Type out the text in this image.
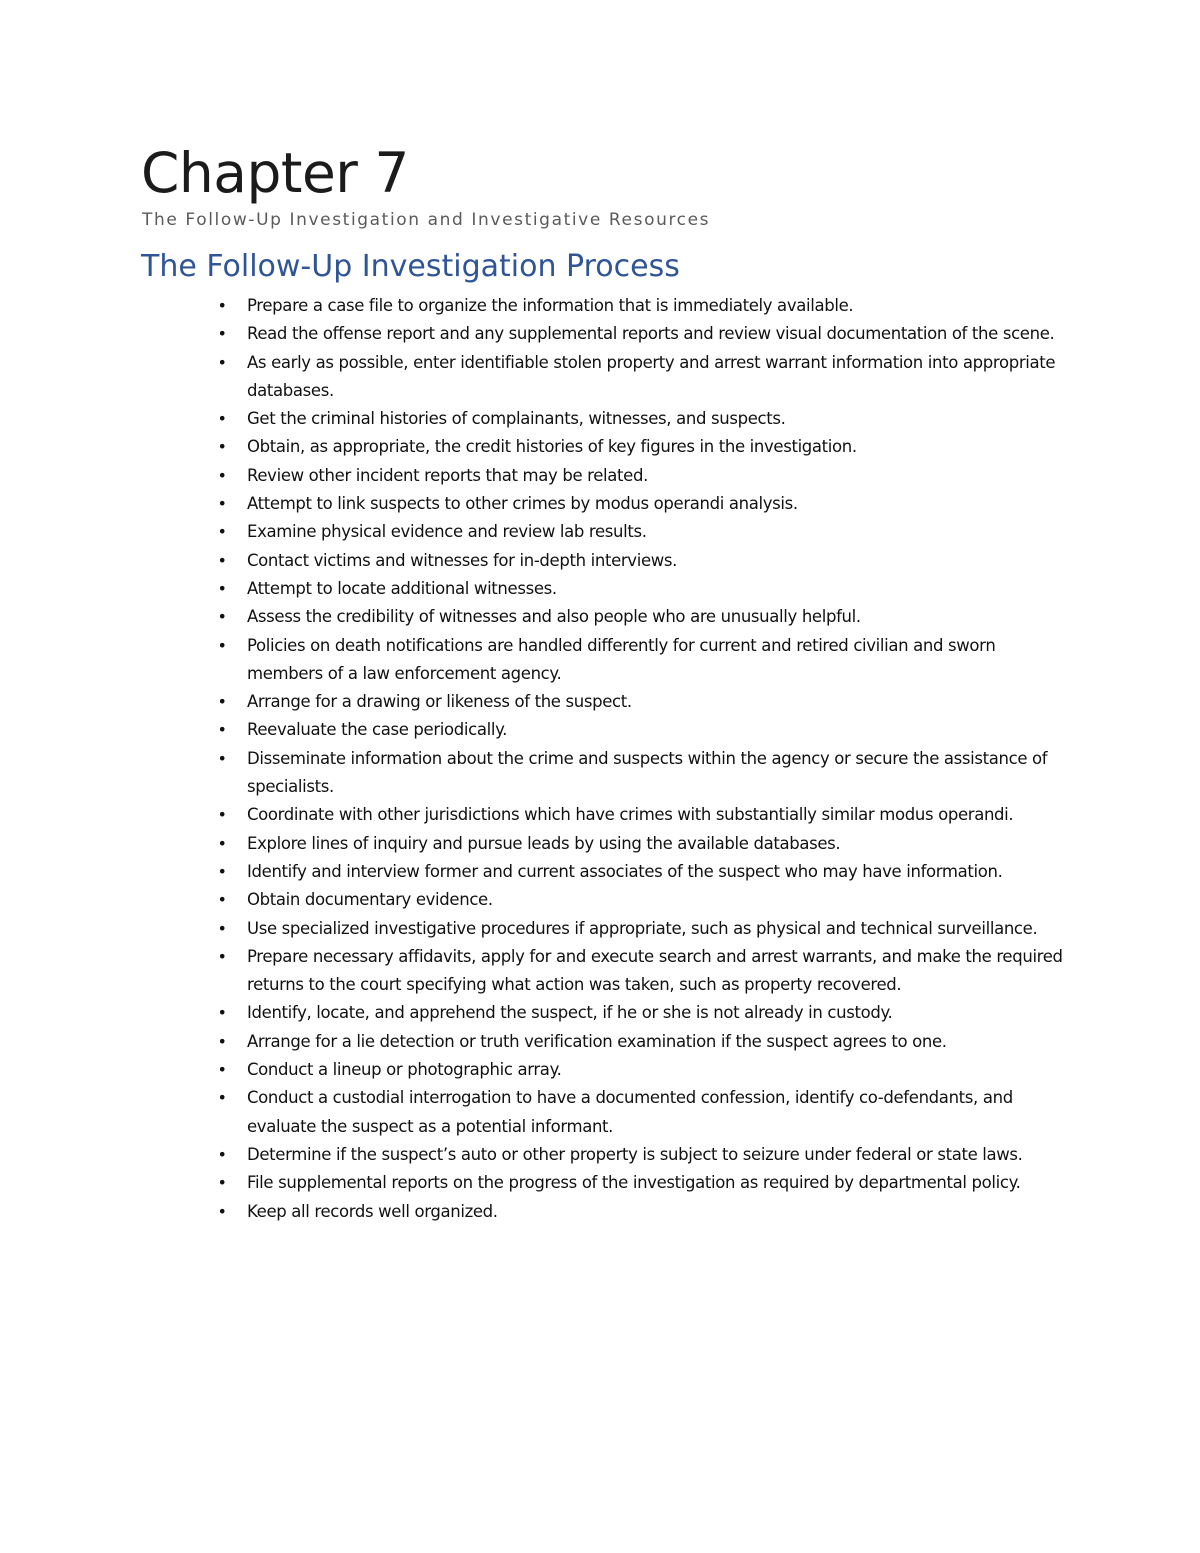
Chapter 7
The Follow-Up Investigation and Investigative Resources
The Follow-Up Investigation Process
• Prepare a case file to organize the information that is immediately available.
• Read the offense report and any supplemental reports and review visual documentation of the scene.
• As early as possible, enter identifiable stolen property and arrest warrant information into appropriate databases.
• Get the criminal histories of complainants, witnesses, and suspects.
• Obtain, as appropriate, the credit histories of key figures in the investigation.
• Review other incident reports that may be related.
• Attempt to link suspects to other crimes by modus operandi analysis.
• Examine physical evidence and review lab results.
• Contact victims and witnesses for in-depth interviews.
• Attempt to locate additional witnesses.
• Assess the credibility of witnesses and also people who are unusually helpful.
• Policies on death notifications are handled differently for current and retired civilian and sworn members of a law enforcement agency.
• Arrange for a drawing or likeness of the suspect.
• Reevaluate the case periodically.
• Disseminate information about the crime and suspects within the agency or secure the assistance of specialists.
• Coordinate with other jurisdictions which have crimes with substantially similar modus operandi.
• Explore lines of inquiry and pursue leads by using the available databases.
• Identify and interview former and current associates of the suspect who may have information.
• Obtain documentary evidence.
• Use specialized investigative procedures if appropriate, such as physical and technical surveillance.
• Prepare necessary affidavits, apply for and execute search and arrest warrants, and make the required returns to the court specifying what action was taken, such as property recovered.
• Identify, locate, and apprehend the suspect, if he or she is not already in custody.
• Arrange for a lie detection or truth verification examination if the suspect agrees to one.
• Conduct a lineup or photographic array.
• Conduct a custodial interrogation to have a documented confession, identify co-defendants, and evaluate the suspect as a potential informant.
• Determine if the suspect’s auto or other property is subject to seizure under federal or state laws.
• File supplemental reports on the progress of the investigation as required by departmental policy.
• Keep all records well organized.
